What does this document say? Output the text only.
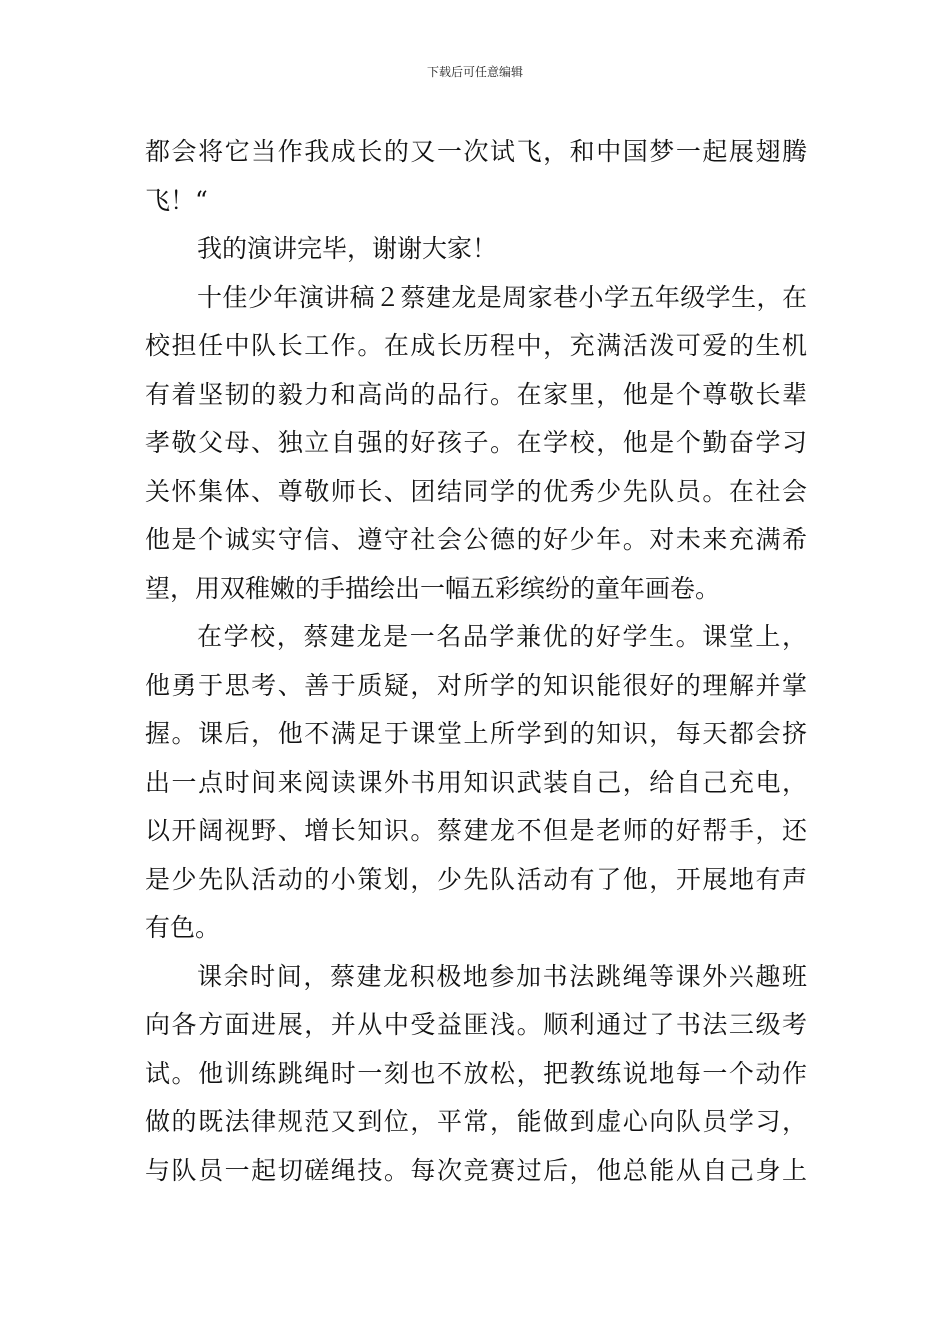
下载后可任意编辑
都会将它当作我成长的又一次试飞，和中国梦一起展翅腾
飞！“
我的演讲完毕，谢谢大家！
十佳少年演讲稿２蔡建龙是周家巷小学五年级学生，在
校担任中队长工作。在成长历程中，充满活泼可爱的生机
有着坚韧的毅力和高尚的品行。在家里，他是个尊敬长辈
孝敬父母、独立自强的好孩子。在学校，他是个勤奋学习
关怀集体、尊敬师长、团结同学的优秀少先队员。在社会
他是个诚实守信、遵守社会公德的好少年。对未来充满希
望，用双稚嫩的手描绘出一幅五彩缤纷的童年画卷。
在学校，蔡建龙是一名品学兼优的好学生。课堂上，
他勇于思考、善于质疑，对所学的知识能很好的理解并掌
握。课后，他不满足于课堂上所学到的知识，每天都会挤
出一点时间来阅读课外书用知识武装自己，给自己充电，
以开阔视野、增长知识。蔡建龙不但是老师的好帮手，还
是少先队活动的小策划，少先队活动有了他，开展地有声
有色。
课余时间，蔡建龙积极地参加书法跳绳等课外兴趣班
向各方面进展，并从中受益匪浅。顺利通过了书法三级考
试。他训练跳绳时一刻也不放松，把教练说地每一个动作
做的既法律规范又到位，平常，能做到虚心向队员学习，
与队员一起切磋绳技。每次竞赛过后，他总能从自己身上
